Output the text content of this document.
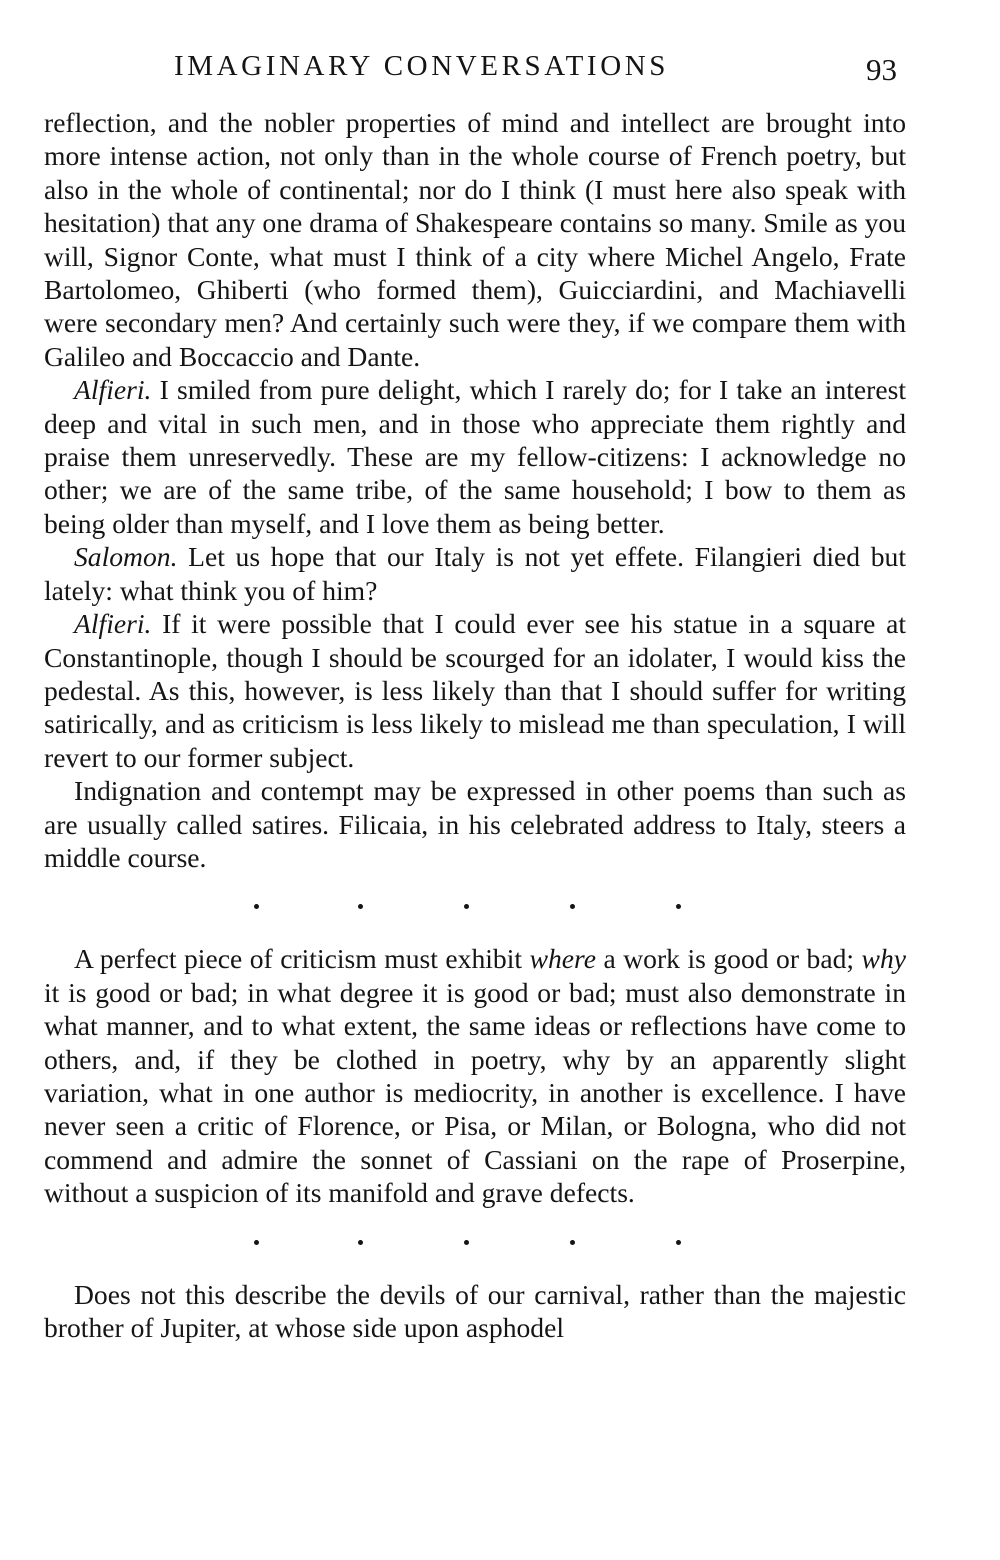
IMAGINARY CONVERSATIONS	93

reflection, and the nobler properties of mind and intellect are brought into more intense action, not only than in the whole course of French poetry, but also in the whole of continental; nor do I think (I must here also speak with hesitation) that any one drama of Shakespeare contains so many. Smile as you will, Signor Conte, what must I think of a city where Michel Angelo, Frate Bartolomeo, Ghiberti (who formed them), Guicciardini, and Machiavelli were secondary men? And certainly such were they, if we compare them with Galileo and Boccaccio and Dante.

Alfieri. I smiled from pure delight, which I rarely do; for I take an interest deep and vital in such men, and in those who appreciate them rightly and praise them unreservedly. These are my fellow-citizens: I acknowledge no other; we are of the same tribe, of the same household; I bow to them as being older than myself, and I love them as being better.

Salomon. Let us hope that our Italy is not yet effete. Filangieri died but lately: what think you of him?

Alfieri. If it were possible that I could ever see his statue in a square at Constantinople, though I should be scourged for an idolater, I would kiss the pedestal. As this, however, is less likely than that I should suffer for writing satirically, and as criticism is less likely to mislead me than speculation, I will revert to our former subject.

Indignation and contempt may be expressed in other poems than such as are usually called satires. Filicaia, in his celebrated address to Italy, steers a middle course.

A perfect piece of criticism must exhibit where a work is good or bad; why it is good or bad; in what degree it is good or bad; must also demonstrate in what manner, and to what extent, the same ideas or reflections have come to others, and, if they be clothed in poetry, why by an apparently slight variation, what in one author is mediocrity, in another is excellence. I have never seen a critic of Florence, or Pisa, or Milan, or Bologna, who did not commend and admire the sonnet of Cassiani on the rape of Proserpine, without a suspicion of its manifold and grave defects.

Does not this describe the devils of our carnival, rather than the majestic brother of Jupiter, at whose side upon asphodel
